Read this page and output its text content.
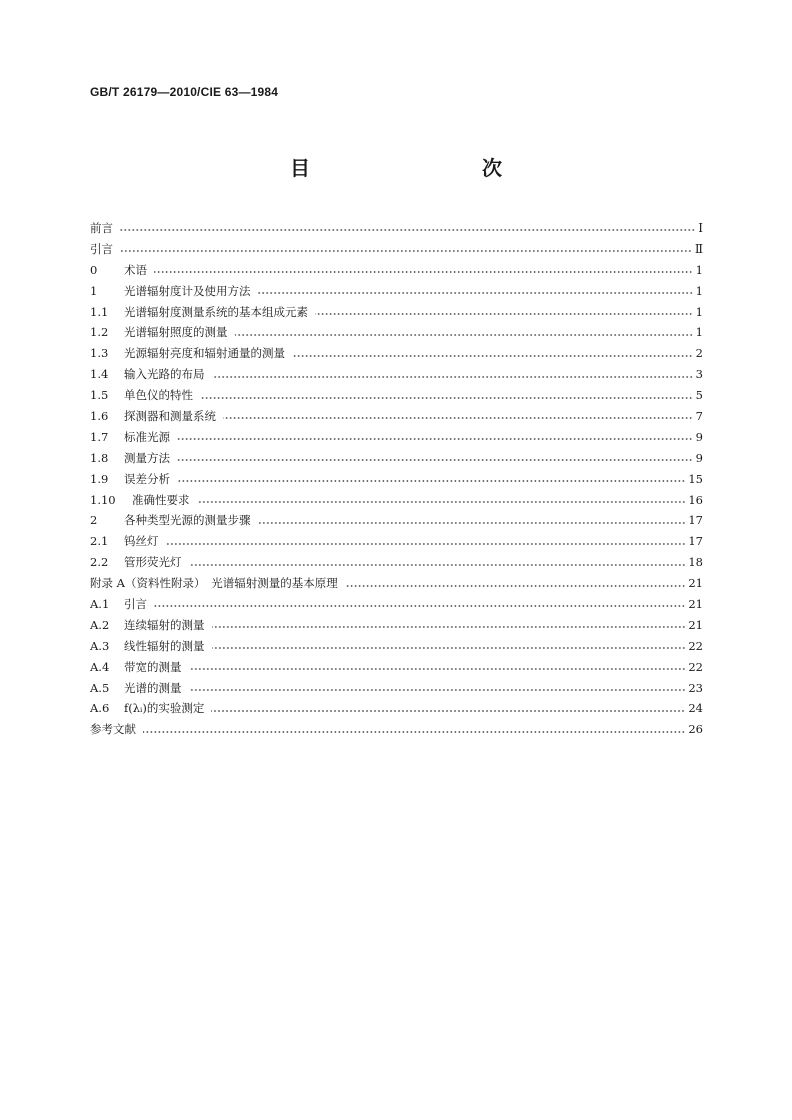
GB/T 26179—2010/CIE 63—1984
目　　次
前言	Ⅰ
引言	Ⅱ
0	术语	1
1	光谱辐射度计及使用方法	1
1.1	光谱辐射度测量系统的基本组成元素	1
1.2	光谱辐射照度的测量	1
1.3	光源辐射亮度和辐射通量的测量	2
1.4	输入光路的布局	3
1.5	单色仪的特性	5
1.6	探测器和测量系统	7
1.7	标准光源	9
1.8	测量方法	9
1.9	误差分析	15
1.10	准确性要求	16
2	各种类型光源的测量步骤	17
2.1	钨丝灯	17
2.2	管形荧光灯	18
附录 A（资料性附录）　光谱辐射测量的基本原理	21
A.1	引言	21
A.2	连续辐射的测量	21
A.3	线性辐射的测量	22
A.4	带宽的测量	22
A.5	光谱的测量	23
A.6	f(λᵢ)的实验测定	24
参考文献	26
